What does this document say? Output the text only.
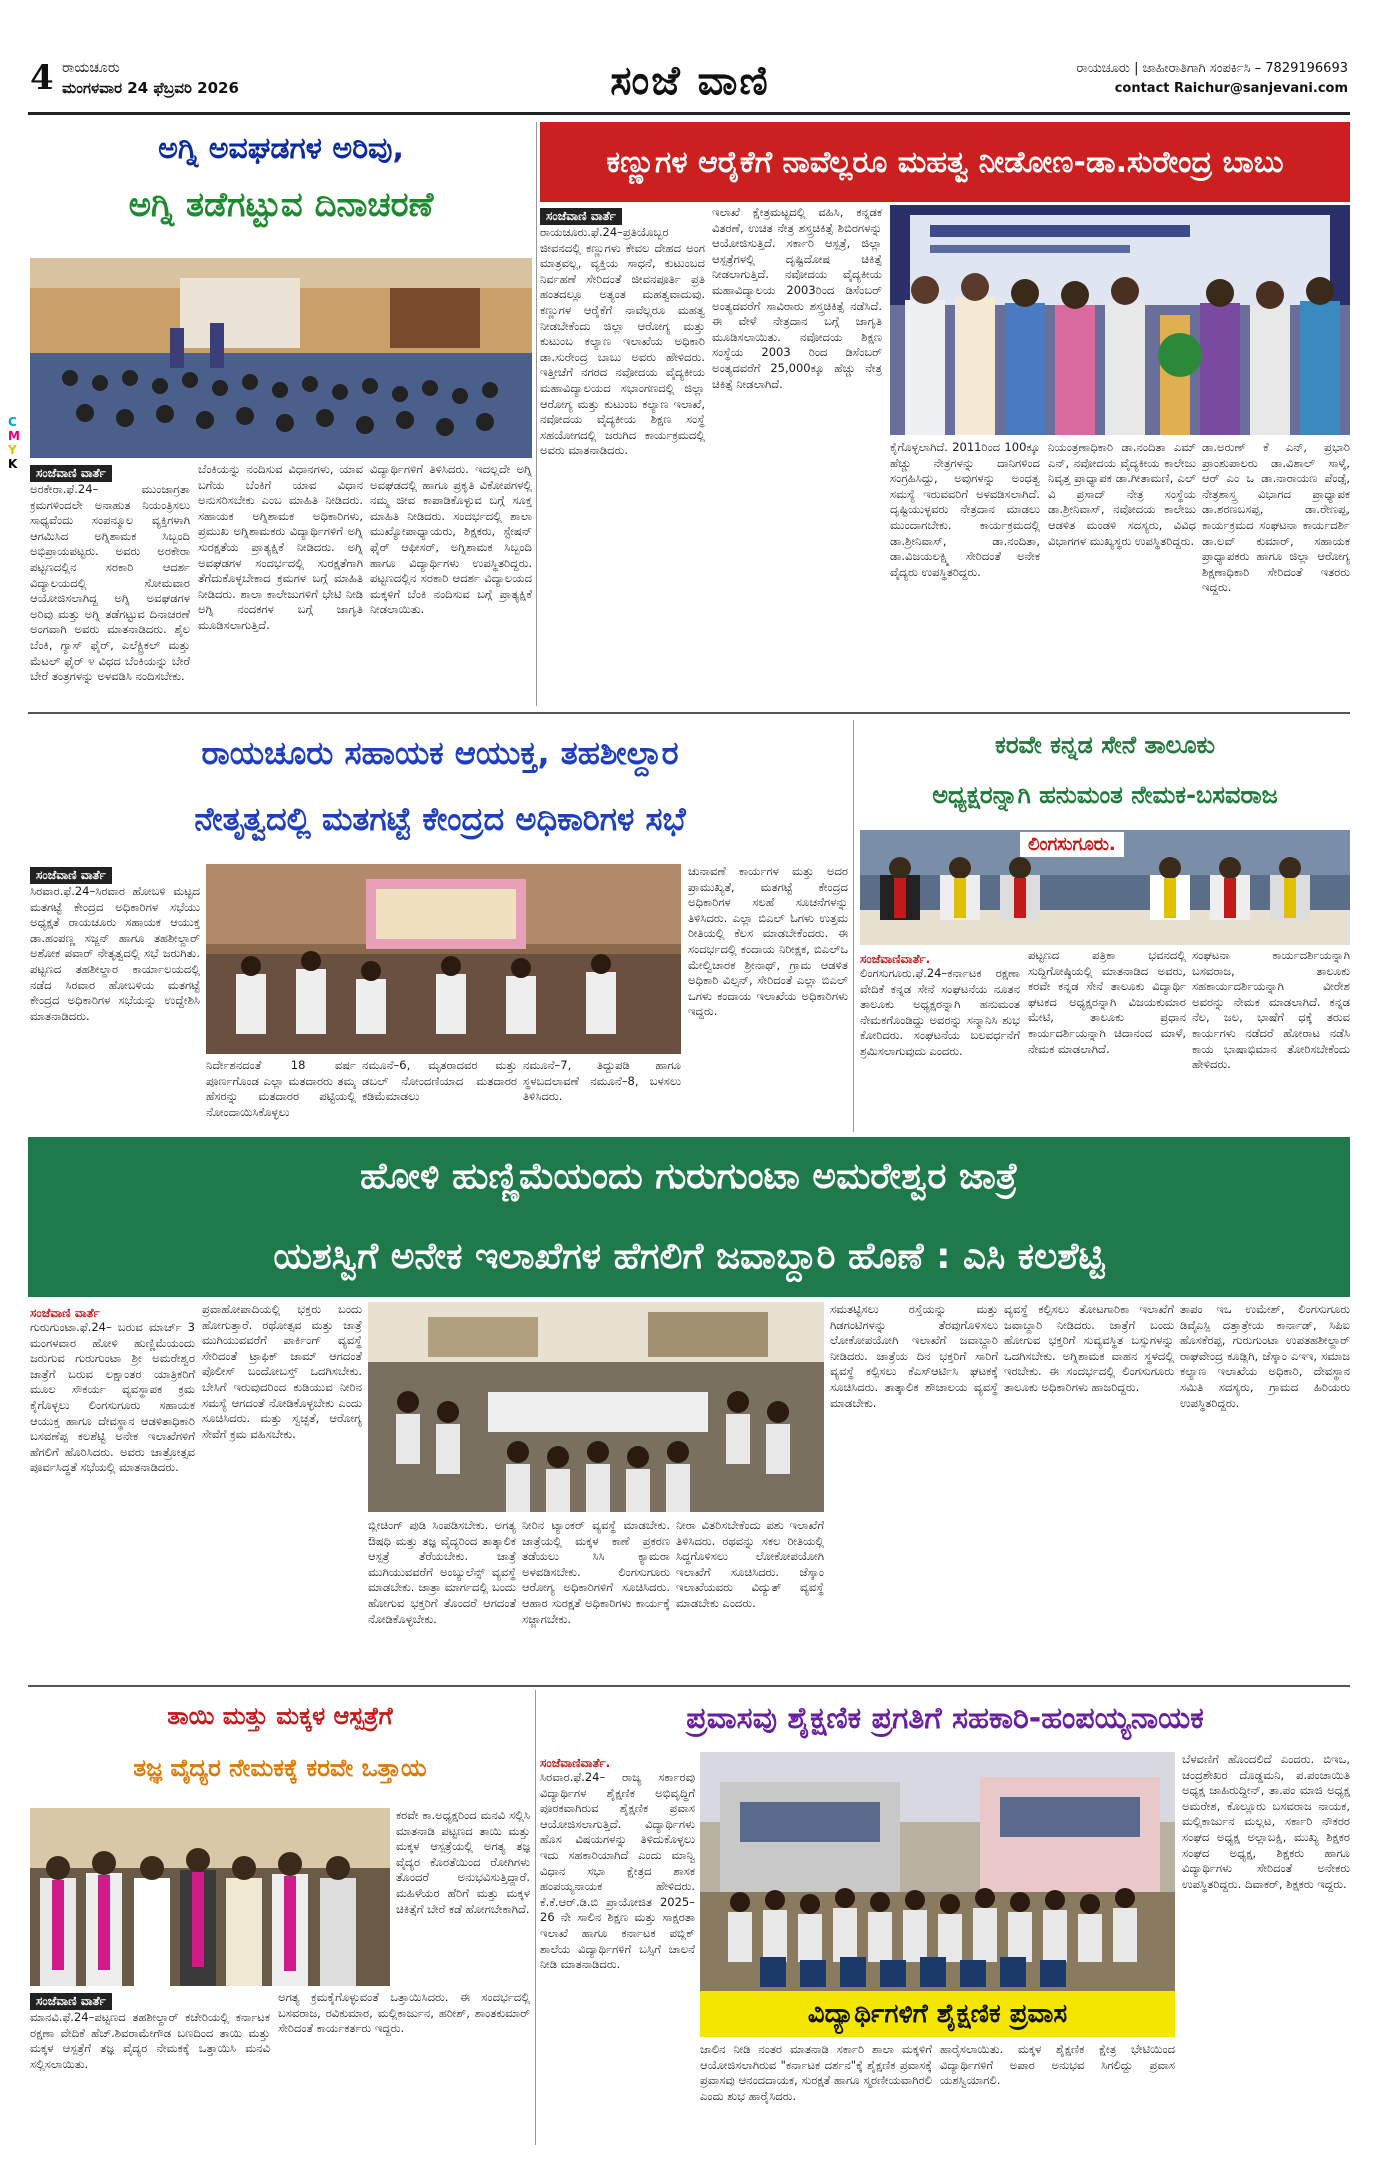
4 ರಾಯಚೂರು
ಮಂಗಳವಾರ 24 ಫೆಬ್ರವರಿ 2026	ಸಂಜೆ ವಾಣಿ	ರಾಯಚೂರು | ಜಾಹೀರಾತಿಗಾಗಿ ಸಂಪರ್ಕಿಸಿ – 7829196693
contact Raichur@sanjevani.com
C
M
Y
K
ಅಗ್ನಿ ಅವಘಡಗಳ ಅರಿವು,
ಅಗ್ನಿ ತಡೆಗಟ್ಟುವ ದಿನಾಚರಣೆ
ಸಂಜೆವಾಣಿ ವಾರ್ತೆ
ಅರಕೇರಾ.ಫೆ.24– ಮುಂಜಾಗ್ರತಾ ಕ್ರಮಗಳಿಂದಲೇ ಅನಾಹುತ ನಿಯಂತ್ರಿಸಲು ಸಾಧ್ಯವೆಂದು ಸಂಪನ್ಮೂಲ ವ್ಯಕ್ತಿಗಳಾಗಿ ಆಗಮಿಸಿದ ಅಗ್ನಿಶಾಮಕ ಸಿಬ್ಬಂದಿ ಅಭಿಪ್ರಾಯಪಟ್ಟರು. ಅವರು ಅರಕೇರಾ ಪಟ್ಟಣದಲ್ಲಿನ ಸರಕಾರಿ ಆದರ್ಶ ವಿದ್ಯಾಲಯದಲ್ಲಿ ಸೋಮವಾರ ಆಯೋಜಿಸಲಾಗಿದ್ದ ಅಗ್ನಿ ಅವಘಡಗಳ ಅರಿವು ಮತ್ತು ಅಗ್ನಿ ತಡೆಗಟ್ಟುವ ದಿನಾಚರಣೆ ಅಂಗವಾಗಿ ಅವರು ಮಾತನಾಡಿದರು. ಶೈಲ ಬೆಂಕಿ, ಗ್ಯಾಸ್ ಫೈರ್, ಎಲೆಕ್ಟ್ರಿಕಲ್ ಮತ್ತು ಮೆಟಲ್ ಫೈರ್ ೪ ವಿಧದ ಬೆಂಕಿಯನ್ನು ಬೇರೆ ಬೇರೆ ತಂತ್ರಗಳನ್ನು ಅಳವಡಿಸಿ ನಂದಿಸಬೇಕು.
ಬೆಂಕಿಯನ್ನು ನಂದಿಸುವ ವಿಧಾನಗಳು, ಯಾವ ಬಗೆಯ ಬೆಂಕಿಗೆ ಯಾವ ವಿಧಾನ ಅನುಸರಿಸಬೇಕು ಎಂಬ ಮಾಹಿತಿ ನೀಡಿದರು. ಸಹಾಯಕ ಅಗ್ನಿಶಾಮಕ ಅಧಿಕಾರಿಗಳು, ಪ್ರಮುಖ ಅಗ್ನಿಶಾಮಕರು ವಿದ್ಯಾರ್ಥಿಗಳಿಗೆ ಅಗ್ನಿ ಸುರಕ್ಷತೆಯ ಪ್ರಾತ್ಯಕ್ಷಿಕೆ ನೀಡಿದರು. ಅಗ್ನಿ ಅವಘಡಗಳ ಸಂದರ್ಭದಲ್ಲಿ ಸುರಕ್ಷತೆಗಾಗಿ ತೆಗೆದುಕೊಳ್ಳಬೇಕಾದ ಕ್ರಮಗಳ ಬಗ್ಗೆ ಮಾಹಿತಿ ನೀಡಿದರು. ಶಾಲಾ ಕಾಲೇಜುಗಳಿಗೆ ಭೇಟಿ ನೀಡಿ ಅಗ್ನಿ ನಂದಕಗಳ ಬಗ್ಗೆ ಜಾಗೃತಿ ಮೂಡಿಸಲಾಗುತ್ತಿದೆ.
ವಿದ್ಯಾರ್ಥಿಗಳಿಗೆ ತಿಳಿಸಿದರು. ಇದಲ್ಲದೇ ಅಗ್ನಿ ಅವಘಡದಲ್ಲಿ ಹಾಗೂ ಪ್ರಕೃತಿ ವಿಕೋಪಗಳಲ್ಲಿ ನಮ್ಮ ಜೀವ ಕಾಪಾಡಿಕೊಳ್ಳುವ ಬಗ್ಗೆ ಸೂಕ್ತ ಮಾಹಿತಿ ನೀಡಿದರು. ಸಂದರ್ಭದಲ್ಲಿ ಶಾಲಾ ಮುಖ್ಯೋಪಾಧ್ಯಾಯರು, ಶಿಕ್ಷಕರು, ಸ್ಟೇಷನ್ ಫೈರ್ ಆಫೀಸರ್, ಅಗ್ನಿಶಾಮಕ ಸಿಬ್ಬಂದಿ ಹಾಗೂ ವಿದ್ಯಾರ್ಥಿಗಳು ಉಪಸ್ಥಿತರಿದ್ದರು. ಪಟ್ಟಣದಲ್ಲಿನ ಸರಕಾರಿ ಆದರ್ಶ ವಿದ್ಯಾಲಯದ ಮಕ್ಕಳಿಗೆ ಬೆಂಕಿ ನಂದಿಸುವ ಬಗ್ಗೆ ಪ್ರಾತ್ಯಕ್ಷಿಕೆ ನೀಡಲಾಯಿತು.
ಕಣ್ಣುಗಳ ಆರೈಕೆಗೆ ನಾವೆಲ್ಲರೂ ಮಹತ್ವ ನೀಡೋಣ-ಡಾ.ಸುರೇಂದ್ರ ಬಾಬು
ಸಂಜೆವಾಣಿ ವಾರ್ತೆ
ರಾಯಚೂರು.ಫೆ.24–ಪ್ರತಿಯೊಬ್ಬರ ಜೀವನದಲ್ಲಿ ಕಣ್ಣುಗಳು ಕೇವಲ ದೇಹದ ಅಂಗ ಮಾತ್ರವಲ್ಲ, ವ್ಯಕ್ತಿಯ ಸಾಧನೆ, ಕುಟುಂಬದ ನಿರ್ವಹಣೆ ಸೇರಿದಂತೆ ಜೀವನಪೂರ್ತಿ ಪ್ರತಿ ಹಂತದಲ್ಲೂ ಅತ್ಯಂತ ಮಹತ್ವವಾದುವು. ಕಣ್ಣುಗಳ ಆರೈಕೆಗೆ ನಾವೆಲ್ಲರೂ ಮಹತ್ವ ನೀಡಬೇಕೆಂದು ಜಿಲ್ಲಾ ಆರೋಗ್ಯ ಮತ್ತು ಕುಟುಂಬ ಕಲ್ಯಾಣ ಇಲಾಖೆಯ ಅಧಿಕಾರಿ ಡಾ.ಸುರೇಂದ್ರ ಬಾಬು ಅವರು ಹೇಳಿದರು. ಇತ್ತೀಚೆಗೆ ನಗರದ ನವೋದಯ ವೈದ್ಯಕೀಯ ಮಹಾವಿದ್ಯಾಲಯದ ಸಭಾಂಗಣದಲ್ಲಿ ಜಿಲ್ಲಾ ಆರೋಗ್ಯ ಮತ್ತು ಕುಟುಂಬ ಕಲ್ಯಾಣ ಇಲಾಖೆ, ನವೋದಯ ವೈದ್ಯಕೀಯ ಶಿಕ್ಷಣ ಸಂಸ್ಥೆ ಸಹಯೋಗದಲ್ಲಿ ಜರುಗಿದ ಕಾರ್ಯಕ್ರಮದಲ್ಲಿ ಅವರು ಮಾತನಾಡಿದರು.
ಇಲಾಖೆ ಕ್ಷೇತ್ರಮಟ್ಟದಲ್ಲಿ ವಹಿಸಿ, ಕನ್ನಡಕ ವಿತರಣೆ, ಉಚಿತ ನೇತ್ರ ಶಸ್ತ್ರಚಿಕಿತ್ಸೆ ಶಿಬಿರಗಳನ್ನು ಆಯೋಜಿಸುತ್ತಿದೆ. ಸರ್ಕಾರಿ ಆಸ್ಪತ್ರೆ, ಜಿಲ್ಲಾ ಆಸ್ಪತ್ರೆಗಳಲ್ಲಿ ದೃಷ್ಟಿದೋಷ ಚಿಕಿತ್ಸೆ ನೀಡಲಾಗುತ್ತಿದೆ. ನವೋದಯ ವೈದ್ಯಕೀಯ ಮಹಾವಿದ್ಯಾಲಯ 2003ರಿಂದ ಡಿಸೆಂಬರ್ ಅಂತ್ಯದವರೆಗೆ ಸಾವಿರಾರು ಶಸ್ತ್ರಚಿಕಿತ್ಸೆ ನಡೆಸಿದೆ. ಈ ವೇಳೆ ನೇತ್ರದಾನ ಬಗ್ಗೆ ಜಾಗೃತಿ ಮೂಡಿಸಲಾಯಿತು. ನವೋದಯ ಶಿಕ್ಷಣ ಸಂಸ್ಥೆಯ 2003 ರಿಂದ ಡಿಸೆಂಬರ್ ಅಂತ್ಯದವರೆಗೆ 25,000ಕ್ಕೂ ಹೆಚ್ಚು ನೇತ್ರ ಚಿಕಿತ್ಸೆ ನೀಡಲಾಗಿದೆ.
ಕೈಗೊಳ್ಳಲಾಗಿದೆ. 2011ರಿಂದ 100ಕ್ಕೂ ಹೆಚ್ಚು ನೇತ್ರಗಳನ್ನು ದಾನಿಗಳಿಂದ ಸಂಗ್ರಹಿಸಿದ್ದು, ಅವುಗಳನ್ನು ಅಂಧತ್ವ ಸಮಸ್ಯೆ ಇರುವವರಿಗೆ ಅಳವಡಿಸಲಾಗಿದೆ. ದೃಷ್ಟಿಯುಳ್ಳವರು ನೇತ್ರದಾನ ಮಾಡಲು ಮುಂದಾಗಬೇಕು. ಕಾರ್ಯಕ್ರಮದಲ್ಲಿ ಡಾ.ಶ್ರೀನಿವಾಸ್, ಡಾ.ನಂದಿತಾ, ಡಾ.ವಿಜಯಲಕ್ಷ್ಮಿ ಸೇರಿದಂತೆ ಅನೇಕ ವೈದ್ಯರು ಉಪಸ್ಥಿತರಿದ್ದರು.
ನಿಯಂತ್ರಣಾಧಿಕಾರಿ ಡಾ.ನಂದಿತಾ ಎಮ್ ಎನ್, ನವೋದಯ ವೈದ್ಯಕೀಯ ಕಾಲೇಜು ನಿವೃತ್ತ ಪ್ರಾಧ್ಯಾಪಕ ಡಾ.ಗೀತಾಮಣಿ, ಎಲ್ ವಿ ಪ್ರಸಾದ್ ನೇತ್ರ ಸಂಸ್ಥೆಯ ಡಾ.ಶ್ರೀನಿವಾಸ್, ನವೋದಯ ಕಾಲೇಜು ಆಡಳಿತ ಮಂಡಳಿ ಸದಸ್ಯರು, ವಿವಿಧ ವಿಭಾಗಗಳ ಮುಖ್ಯಸ್ಥರು ಉಪಸ್ಥಿತರಿದ್ದರು.
ಡಾ.ಅರುಣ್ ಕೆ ಎನ್, ಪ್ರಭಾರಿ ಪ್ರಾಂಶುಪಾಲರು ಡಾ.ವಿಶಾಲ್ ಸಾಳ್ಕೆ, ಆರ್ ಎಂ ಒ ಡಾ.ನಾರಾಯಣ ಪೆಂಡ್ಸೆ, ನೇತ್ರಶಾಸ್ತ್ರ ವಿಭಾಗದ ಪ್ರಾಧ್ಯಾಪಕ ಡಾ.ಶರಣಬಸಪ್ಪ, ಡಾ.ರೇಣಪ್ಪ, ಕಾರ್ಯಕ್ರಮದ ಸಂಘಟನಾ ಕಾರ್ಯದರ್ಶಿ ಡಾ.ಲವ್ ಕುಮಾರ್, ಸಹಾಯಕ ಪ್ರಾಧ್ಯಾಪಕರು ಹಾಗೂ ಜಿಲ್ಲಾ ಆರೋಗ್ಯ ಶಿಕ್ಷಣಾಧಿಕಾರಿ ಸೇರಿದಂತೆ ಇತರರು ಇದ್ದರು.
ರಾಯಚೂರು ಸಹಾಯಕ ಆಯುಕ್ತ, ತಹಶೀಲ್ದಾರ
ನೇತೃತ್ವದಲ್ಲಿ ಮತಗಟ್ಟೆ ಕೇಂದ್ರದ ಅಧಿಕಾರಿಗಳ ಸಭೆ
ಸಂಜೆವಾಣಿ ವಾರ್ತೆ
ಸಿರವಾರ.ಫೆ.24–ಸಿರವಾರ ಹೋಬಳಿ ಮಟ್ಟದ ಮತಗಟ್ಟೆ ಕೇಂದ್ರದ ಅಧಿಕಾರಿಗಳ ಸಭೆಯು ಅಧ್ಯಕ್ಷತೆ ರಾಯಚೂರು ಸಹಾಯಕ ಆಯುಕ್ತ ಡಾ.ಹಂಪಣ್ಣ ಸಜ್ಜನ್ ಹಾಗೂ ತಹಶೀಲ್ದಾರ್ ಅಶೋಕ ಪವಾರ್ ನೇತೃತ್ವದಲ್ಲಿ ಸಭೆ ಜರುಗಿತು. ಪಟ್ಟಣದ ತಹಶೀಲ್ದಾರ ಕಾರ್ಯಾಲಯದಲ್ಲಿ ನಡೆದ ಸಿರವಾರ ಹೋಬಳಿಯ ಮತಗಟ್ಟೆ ಕೇಂದ್ರದ ಅಧಿಕಾರಿಗಳ ಸಭೆಯನ್ನು ಉದ್ದೇಶಿಸಿ ಮಾತನಾಡಿದರು.
ನಿರ್ದೇಶನದಂತೆ 18 ವರ್ಷ ಪೂರ್ಣಗೊಂಡ ಎಲ್ಲಾ ಮತದಾರರು ತಮ್ಮ ಹೆಸರನ್ನು ಮತದಾರರ ಪಟ್ಟಿಯಲ್ಲಿ ನೋಂದಾಯಿಸಿಕೊಳ್ಳಲು
ನಮೂನೆ–6, ಮೃತರಾದವರ ಮತ್ತು ಡಬಲ್ ನೋಂದಣಿಯಾದ ಮತದಾರರ ಕಡಿಮೆಮಾಡಲು
ನಮೂನೆ–7, ತಿದ್ದುಪಡಿ ಹಾಗೂ ಸ್ಥಳಬದಲಾವಣೆ ನಮೂನೆ–8, ಬಳಸಲು ತಿಳಿಸಿದರು.
ಚುನಾವಣೆ ಕಾರ್ಯಗಳ ಮತ್ತು ಅದರ ಪ್ರಾಮುಖ್ಯತೆ, ಮತಗಟ್ಟೆ ಕೇಂದ್ರದ ಅಧಿಕಾರಿಗಳ ಸಲಹೆ ಸೂಚನೆಗಳನ್ನು ತಿಳಿಸಿದರು. ಎಲ್ಲಾ ಬಿಎಲ್ ಓಗಳು ಉತ್ತಮ ರೀತಿಯಲ್ಲಿ ಕೆಲಸ ಮಾಡಬೇಕೆಂದರು. ಈ ಸಂದರ್ಭದಲ್ಲಿ ಕಂದಾಯ ನಿರೀಕ್ಷಕ, ಬಿಎಲ್ಒ ಮೇಲ್ವಿಚಾರಕ ಶ್ರೀನಾಥ್, ಗ್ರಾಮ ಆಡಳಿತ ಅಧಿಕಾರಿ ವಿಲ್ಸನ್, ಸೇರಿದಂತೆ ಎಲ್ಲಾ ಬಿಎಲ್ ಒಗಳು ಕಂದಾಯ ಇಲಾಖೆಯ ಅಧಿಕಾರಿಗಳು ಇದ್ದರು.
ಕರವೇ ಕನ್ನಡ ಸೇನೆ ತಾಲೂಕು
ಅಧ್ಯಕ್ಷರನ್ನಾಗಿ ಹನುಮಂತ ನೇಮಕ-ಬಸವರಾಜ
ಲಿಂಗಸುಗೂರು.
ಸಂಜೆವಾಣಿವಾರ್ತೆ.
ಲಿಂಗಸುಗೂರು.ಫೆ.24–ಕರ್ನಾಟಕ ರಕ್ಷಣಾ ವೇದಿಕೆ ಕನ್ನಡ ಸೇನೆ ಸಂಘಟನೆಯ ನೂತನ ತಾಲೂಕು ಅಧ್ಯಕ್ಷರನ್ನಾಗಿ ಹನುಮಂತ ನೇಮಕಗೊಂಡಿದ್ದು ಅವರನ್ನು ಸನ್ಮಾನಿಸಿ ಶುಭ ಕೋರಿದರು. ಸಂಘಟನೆಯ ಬಲವರ್ಧನೆಗೆ ಶ್ರಮಿಸಲಾಗುವುದು ಎಂದರು.
ಪಟ್ಟಣದ ಪತ್ರಿಕಾ ಭವನದಲ್ಲಿ ಸುದ್ದಿಗೋಷ್ಠಿಯಲ್ಲಿ ಮಾತನಾಡಿದ ಅವರು, ಕರವೇ ಕನ್ನಡ ಸೇನೆ ತಾಲೂಕು ವಿದ್ಯಾರ್ಥಿ ಘಟಕದ ಅಧ್ಯಕ್ಷರನ್ನಾಗಿ ವಿಜಯಕುಮಾರ ಮೇಟಿ, ತಾಲೂಕು ಪ್ರಧಾನ ಕಾರ್ಯದರ್ಶಿಯನ್ನಾಗಿ ಚಿದಾನಂದ ಮಾಳೆ, ನೇಮಕ ಮಾಡಲಾಗಿದೆ.
ಸಂಘಟನಾ ಕಾರ್ಯದರ್ಶಿಯನ್ನಾಗಿ ಬಸವರಾಜ, ತಾಲೂಕು ಸಹಕಾರ್ಯದರ್ಶಿಯನ್ನಾಗಿ ವೀರೇಶ ಅವರನ್ನು ನೇಮಕ ಮಾಡಲಾಗಿದೆ. ಕನ್ನಡ ನೆಲ, ಜಲ, ಭಾಷೆಗೆ ಧಕ್ಕೆ ತರುವ ಕಾರ್ಯಗಳು ನಡೆದರೆ ಹೋರಾಟ ನಡೆಸಿ ಕಾಯ ಭಾಷಾಭಿಮಾನ ತೋರಿಸಬೇಕೆಂದು ಹೇಳಿದರು.
ಹೋಳಿ ಹುಣ್ಣಿಮೆಯಂದು ಗುರುಗುಂಟಾ ಅಮರೇಶ್ವರ ಜಾತ್ರೆ
ಯಶಸ್ವಿಗೆ ಅನೇಕ ಇಲಾಖೆಗಳ ಹೆಗಲಿಗೆ ಜವಾಬ್ದಾರಿ ಹೊಣೆ : ಎಸಿ ಕಲಶೆಟ್ಟಿ
ಸಂಜೆವಾಣಿ ವಾರ್ತೆ
ಗುರುಗುಂಟಾ.ಫೆ.24– ಬರುವ ಮಾರ್ಚ್ 3 ಮಂಗಳವಾರ ಹೋಳಿ ಹುಣ್ಣಿಮೆಯಂದು ಜರುಗುವ ಗುರುಗುಂಟಾ ಶ್ರೀ ಅಮರೇಶ್ವರ ಜಾತ್ರೆಗೆ ಬರುವ ಲಕ್ಷಾಂತರ ಯಾತ್ರಿಕರಿಗೆ ಮೂಲ ಸೌಕರ್ಯ ವ್ಯವಸ್ಥಾಪಕ ಕ್ರಮ ಕೈಗೊಳ್ಳಲು ಲಿಂಗಸುಗೂರು ಸಹಾಯಕ ಆಯುಕ್ತ ಹಾಗೂ ದೇವಸ್ಥಾನ ಆಡಳಿತಾಧಿಕಾರಿ ಬಸವಣೆಪ್ಪ ಕಲಶೆಟ್ಟಿ ಅನೇಕ ಇಲಾಖೆಗಳಿಗೆ ಹೆಗಲಿಗೆ ಹೊರಿಸಿದರು. ಅವರು ಜಾತ್ರೋತ್ಸವ ಪೂರ್ವಸಿದ್ಧತೆ ಸಭೆಯಲ್ಲಿ ಮಾತನಾಡಿದರು.
ಪ್ರವಾಹೋಪಾದಿಯಲ್ಲಿ ಭಕ್ತರು ಬಂದು ಹೋಗುತ್ತಾರೆ. ರಥೋತ್ಸವ ಮತ್ತು ಜಾತ್ರೆ ಮುಗಿಯುವವರೆಗೆ ಪಾರ್ಕಿಂಗ್ ವ್ಯವಸ್ಥೆ ಸೇರಿದಂತೆ ಟ್ರಾಫಿಕ್ ಜಾಮ್ ಆಗದಂತೆ ಪೊಲೀಸ್ ಬಂದೋಬಸ್ತ್ ಒದಗಿಸಬೇಕು. ಬೇಸಿಗೆ ಇರುವುದರಿಂದ ಕುಡಿಯುವ ನೀರಿನ ಸಮಸ್ಯೆ ಆಗದಂತೆ ನೋಡಿಕೊಳ್ಳಬೇಕು ಎಂದು ಸೂಚಿಸಿದರು. ಮತ್ತು ಸ್ವಚ್ಛತೆ, ಆರೋಗ್ಯ ಸೇವೆಗೆ ಕ್ರಮ ವಹಿಸಬೇಕು.
ಬ್ಲೀಚಿಂಗ್ ಪುಡಿ ಸಿಂಪಡಿಸಬೇಕು. ಅಗತ್ಯ ಔಷಧಿ ಮತ್ತು ತಜ್ಞ ವೈದ್ಯರಿಂದ ತಾತ್ಕಾಲಿಕ ಆಸ್ಪತ್ರೆ ತೆರೆಯಬೇಕು. ಜಾತ್ರೆ ಮುಗಿಯುವವರೆಗೆ ಅಂಬ್ಯುಲೆನ್ಸ್ ವ್ಯವಸ್ಥೆ ಮಾಡಬೇಕು. ಜಾತ್ರಾ ಮಾರ್ಗದಲ್ಲಿ ಬಂದು ಹೋಗುವ ಭಕ್ತರಿಗೆ ತೊಂದರೆ ಆಗದಂತೆ ನೋಡಿಕೊಳ್ಳಬೇಕು.
ನೀರಿನ ಟ್ಯಾಂಕರ್ ವ್ಯವಸ್ಥೆ ಮಾಡಬೇಕು. ಜಾತ್ರೆಯಲ್ಲಿ ಮಕ್ಕಳ ಕಾಣೆ ಪ್ರಕರಣ ತಡೆಯಲು ಸಿಸಿ ಕ್ಯಾಮರಾ ಅಳವಡಿಸಬೇಕು. ಲಿಂಗಸುಗೂರು ಆರೋಗ್ಯ ಅಧಿಕಾರಿಗಳಿಗೆ ಸೂಚಿಸಿದರು. ಆಹಾರ ಸುರಕ್ಷತೆ ಅಧಿಕಾರಿಗಳು ಕಾರ್ಯಕ್ಕೆ ಸಜ್ಜಾಗಬೇಕು.
ನೀರಾ ವಿತರಿಸಬೇಕೆಂದು ಪಶು ಇಲಾಖೆಗೆ ತಿಳಿಸಿದರು. ರಥವನ್ನು ಸಕಲ ರೀತಿಯಲ್ಲಿ ಸಿದ್ಧಗೊಳಿಸಲು ಲೋಕೋಪಯೋಗಿ ಇಲಾಖೆಗೆ ಸೂಚಿಸಿದರು. ಜೆಸ್ಕಾಂ ಇಲಾಖೆಯವರು ವಿದ್ಯುತ್ ವ್ಯವಸ್ಥೆ ಮಾಡಬೇಕು ಎಂದರು.
ಸಮತಟ್ಟಿಸಲು ರಸ್ತೆಯನ್ನು ಮತ್ತು ಗಿಡಗಂಟಿಗಳನ್ನು ತೆರವುಗೊಳಿಸಲು ಲೋಕೋಪಯೋಗಿ ಇಲಾಖೆಗೆ ಜವಾಬ್ದಾರಿ ನೀಡಿದರು. ಜಾತ್ರೆಯ ದಿನ ಭಕ್ತರಿಗೆ ಸಾರಿಗೆ ವ್ಯವಸ್ಥೆ ಕಲ್ಪಿಸಲು ಕೆಎಸ್ಆರ್ಟಿಸಿ ಘಟಕಕ್ಕೆ ಸೂಚಿಸಿದರು. ತಾತ್ಕಾಲಿಕ ಶೌಚಾಲಯ ವ್ಯವಸ್ಥೆ ಮಾಡಬೇಕು.
ವ್ಯವಸ್ಥೆ ಕಲ್ಪಿಸಲು ತೋಟಗಾರಿಕಾ ಇಲಾಖೆಗೆ ಜವಾಬ್ದಾರಿ ನೀಡಿದರು. ಜಾತ್ರೆಗೆ ಬಂದು ಹೋಗುವ ಭಕ್ತರಿಗೆ ಸುವ್ಯವಸ್ಥಿತ ಬಸ್ಸುಗಳನ್ನು ಒದಗಿಸಬೇಕು. ಅಗ್ನಿಶಾಮಕ ವಾಹನ ಸ್ಥಳದಲ್ಲಿ ಇರಬೇಕು. ಈ ಸಂದರ್ಭದಲ್ಲಿ ಲಿಂಗಸುಗೂರು ತಾಲೂಕು ಅಧಿಕಾರಿಗಳು ಹಾಜರಿದ್ದರು.
ತಾಪಂ ಇಒ ಉಮೇಶ್, ಲಿಂಗಸುಗೂರು ಡಿವೈಎಸ್ಪಿ ದತ್ತಾತ್ರೇಯ ಕಾರ್ನಾಡ್, ಸಿಪಿಐ ಹೊಸಕೆರಪ್ಪ, ಗುರುಗುಂಟಾ ಉಪತಹಶೀಲ್ದಾರ್ ರಾಘವೇಂದ್ರ ಕೂಡ್ಲಿಗಿ, ಜೆಸ್ಕಾಂ ಎಇಇ, ಸಮಾಜ ಕಲ್ಯಾಣ ಇಲಾಖೆಯ ಅಧಿಕಾರಿ, ದೇವಸ್ಥಾನ ಸಮಿತಿ ಸದಸ್ಯರು, ಗ್ರಾಮದ ಹಿರಿಯರು ಉಪಸ್ಥಿತರಿದ್ದರು.
ತಾಯಿ ಮತ್ತು ಮಕ್ಕಳ ಆಸ್ಪತ್ರೆಗೆ
ತಜ್ಞ ವೈದ್ಯರ ನೇಮಕಕ್ಕೆ ಕರವೇ ಒತ್ತಾಯ
ಕರವೇ ಕಾ.ಅಧ್ಯಕ್ಷರಿಂದ ಮನವಿ ಸಲ್ಲಿಸಿ ಮಾತನಾಡಿ ಪಟ್ಟಣದ ತಾಯಿ ಮತ್ತು ಮಕ್ಕಳ ಆಸ್ಪತ್ರೆಯಲ್ಲಿ ಅಗತ್ಯ ತಜ್ಞ ವೈದ್ಯರ ಕೊರತೆಯಿಂದ ರೋಗಿಗಳು ತೊಂದರೆ ಅನುಭವಿಸುತ್ತಿದ್ದಾರೆ. ಮಹಿಳೆಯರ ಹೆರಿಗೆ ಮತ್ತು ಮಕ್ಕಳ ಚಿಕಿತ್ಸೆಗೆ ಬೇರೆ ಕಡೆ ಹೋಗಬೇಕಾಗಿದೆ.
ಸಂಜೆವಾಣಿ ವಾರ್ತೆ
ಮಾನವಿ.ಫೆ.24–ಪಟ್ಟಣದ ತಹಶೀಲ್ದಾರ್ ಕಚೇರಿಯಲ್ಲಿ ಕರ್ನಾಟಕ ರಕ್ಷಣಾ ವೇದಿಕೆ ಹೆಚ್.ಶಿವರಾಮೇಗೌಡ ಬಣದಿಂದ ತಾಯಿ ಮತ್ತು ಮಕ್ಕಳ ಆಸ್ಪತ್ರೆಗೆ ತಜ್ಞ ವೈದ್ಯರ ನೇಮಕಕ್ಕೆ ಒತ್ತಾಯಿಸಿ ಮನವಿ ಸಲ್ಲಿಸಲಾಯಿತು.
ಅಗತ್ಯ ಕ್ರಮಕೈಗೊಳ್ಳುವಂತೆ ಒತ್ತಾಯಿಸಿದರು. ಈ ಸಂದರ್ಭದಲ್ಲಿ ಬಸವರಾಜ, ರವಿಕುಮಾರ, ಮಲ್ಲಿಕಾರ್ಜುನ, ಹರೀಶ್, ಶಾಂತಕುಮಾರ್ ಸೇರಿದಂತೆ ಕಾರ್ಯಕರ್ತರು ಇದ್ದರು.
ಪ್ರವಾಸವು ಶೈಕ್ಷಣಿಕ ಪ್ರಗತಿಗೆ ಸಹಕಾರಿ-ಹಂಪಯ್ಯನಾಯಕ
ಸಂಜೆವಾಣಿವಾರ್ತೆ.
ಸಿರವಾರ.ಫೆ.24– ರಾಜ್ಯ ಸರ್ಕಾರವು ವಿದ್ಯಾರ್ಥಿಗಳ ಶೈಕ್ಷಣಿಕ ಅಭಿವೃದ್ಧಿಗೆ ಪೂರಕವಾಗಿರುವ ಶೈಕ್ಷಣಿಕ ಪ್ರವಾಸ ಆಯೋಜಿಸಲಾಗುತ್ತಿದೆ. ವಿದ್ಯಾರ್ಥಿಗಳು ಹೊಸ ವಿಷಯಗಳನ್ನು ತಿಳಿದುಕೊಳ್ಳಲು ಇದು ಸಹಕಾರಿಯಾಗಿದೆ ಎಂದು ಮಾನ್ವಿ ವಿಧಾನ ಸಭಾ ಕ್ಷೇತ್ರದ ಶಾಸಕ ಹಂಪಯ್ಯನಾಯಕ ಹೇಳಿದರು. ಕೆ.ಕೆ.ಆರ್.ಡಿ.ಬಿ ಪ್ರಾಯೋಜಿತ 2025–26 ನೇ ಸಾಲಿನ ಶಿಕ್ಷಣ ಮತ್ತು ಸಾಕ್ಷರತಾ ಇಲಾಖೆ ಹಾಗೂ ಕರ್ನಾಟಕ ಪಬ್ಲಿಕ್ ಶಾಲೆಯ ವಿದ್ಯಾರ್ಥಿಗಳಿಗೆ ಬಸ್ಸಿಗೆ ಚಾಲನೆ ನೀಡಿ ಮಾತನಾಡಿದರು.
ವಿದ್ಯಾರ್ಥಿಗಳಿಗೆ ಶೈಕ್ಷಣಿಕ ಪ್ರವಾಸ
ಜಾಲಿನ ನೀಡಿ ನಂತರ ಮಾತನಾಡಿ ಸರ್ಕಾರಿ ಶಾಲಾ ಮಕ್ಕಳಿಗೆ ಆಯೋಜಿಸಲಾಗಿರುವ "ಕರ್ನಾಟಕ ದರ್ಶನ"ಕ್ಕೆ ಶೈಕ್ಷಣಿಕ ಪ್ರವಾಸಕ್ಕೆ ಪ್ರವಾಸವು ಆನಂದದಾಯಕ, ಸುರಕ್ಷತೆ ಹಾಗೂ ಸ್ಮರಣೀಯವಾಗಿರಲಿ ಎಂದು ಶುಭ ಹಾರೈಸಿದರು.
ಹಾರೈಸಲಾಯಿತು. ಮಕ್ಕಳ ಶೈಕ್ಷಣಿಕ ಕ್ಷೇತ್ರ ಭೇಟಿಯಿಂದ ವಿದ್ಯಾರ್ಥಿಗಳಿಗೆ ಅಪಾರ ಅನುಭವ ಸಿಗಲಿದ್ದು ಪ್ರವಾಸ ಯಶಸ್ವಿಯಾಗಲಿ.
ಬೆಳವಣಿಗೆ ಹೊಂದಲಿದೆ ಎಂದರು. ಬಿಇಒ, ಚಂದ್ರಶೇಖರ ದೊಡ್ಡಮನಿ, ಪ.ಪಂಚಾಯಿತಿ ಅಧ್ಯಕ್ಷ ಜಾಹಿರುದ್ದೀನ್, ತಾ.ಪಂ ಮಾಜಿ ಅಧ್ಯಕ್ಷ ಅಮರೇಶ, ಕೊಲ್ಲೂರು ಬಸವರಾಜ ನಾಯಕ, ಮಲ್ಲಿಕಾರ್ಜುನ ಮಲ್ಲಟ, ಸರ್ಕಾರಿ ನೌಕರರ ಸಂಘದ ಅಧ್ಯಕ್ಷ ಅಲ್ಲಾಬಕ್ಷಿ, ಮುಖ್ಯ ಶಿಕ್ಷಕರ ಸಂಘದ ಅಧ್ಯಕ್ಷ, ಶಿಕ್ಷಕರು ಹಾಗೂ ವಿದ್ಯಾರ್ಥಿಗಳು ಸೇರಿದಂತೆ ಅನೇಕರು ಉಪಸ್ಥಿತರಿದ್ದರು. ದಿವಾಕರ್, ಶಿಕ್ಷಕರು ಇದ್ದರು.
